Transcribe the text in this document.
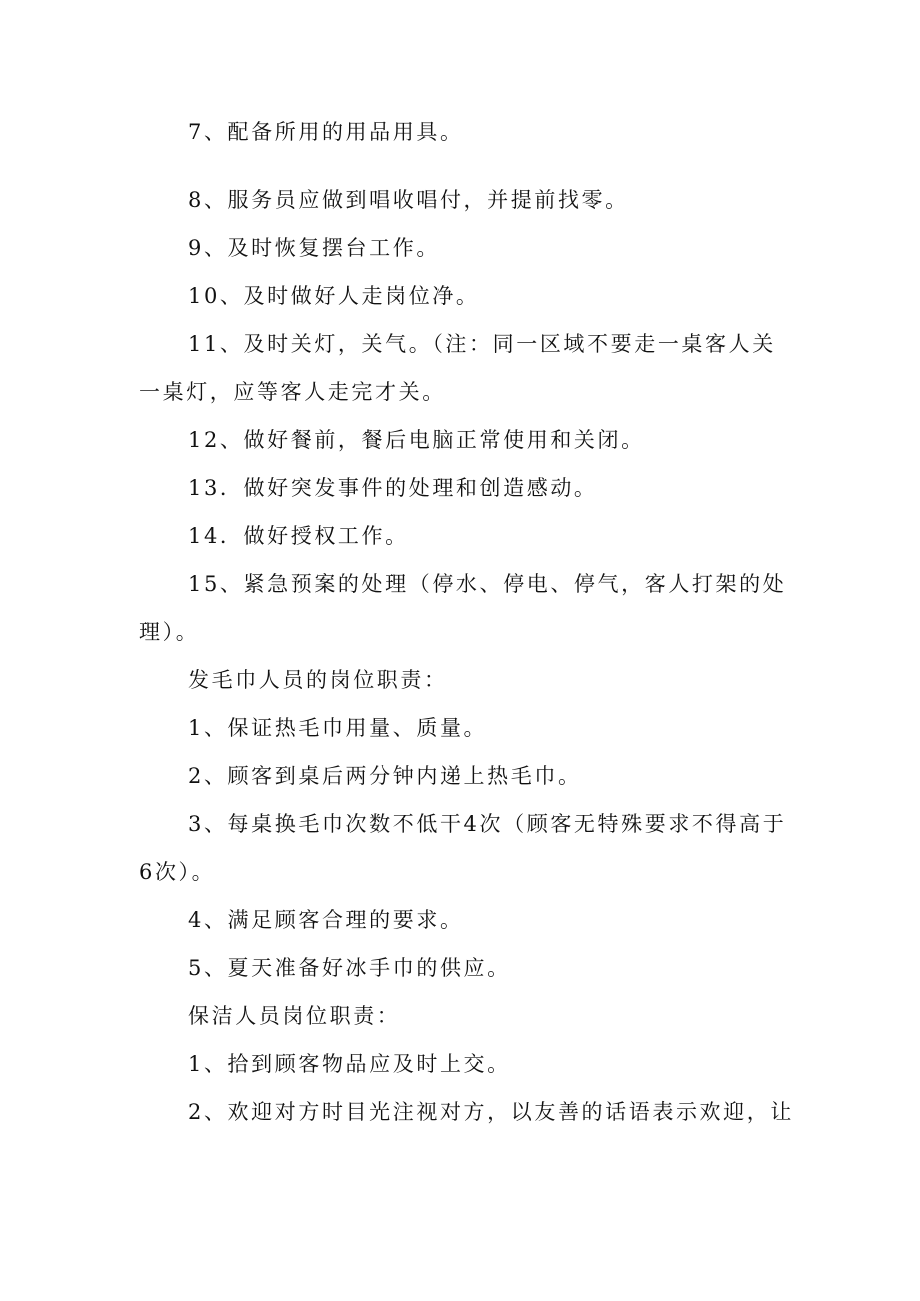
7、配备所用的用品用具。
8、服务员应做到唱收唱付，并提前找零。
9、及时恢复摆台工作。
10、及时做好人走岗位净。
11、及时关灯，关气。（注：同一区域不要走一桌客人关
一桌灯，应等客人走完才关。
12、做好餐前，餐后电脑正常使用和关闭。
13．做好突发事件的处理和创造感动。
14．做好授权工作。
15、紧急预案的处理（停水、停电、停气，客人打架的处
理）。
发毛巾人员的岗位职责：
1、保证热毛巾用量、质量。
2、顾客到桌后两分钟内递上热毛巾。
3、每桌换毛巾次数不低干4次（顾客无特殊要求不得高于
6次）。
4、满足顾客合理的要求。
5、夏天准备好冰手巾的供应。
保洁人员岗位职责：
1、拾到顾客物品应及时上交。
2、欢迎对方时目光注视对方，以友善的话语表示欢迎，让
